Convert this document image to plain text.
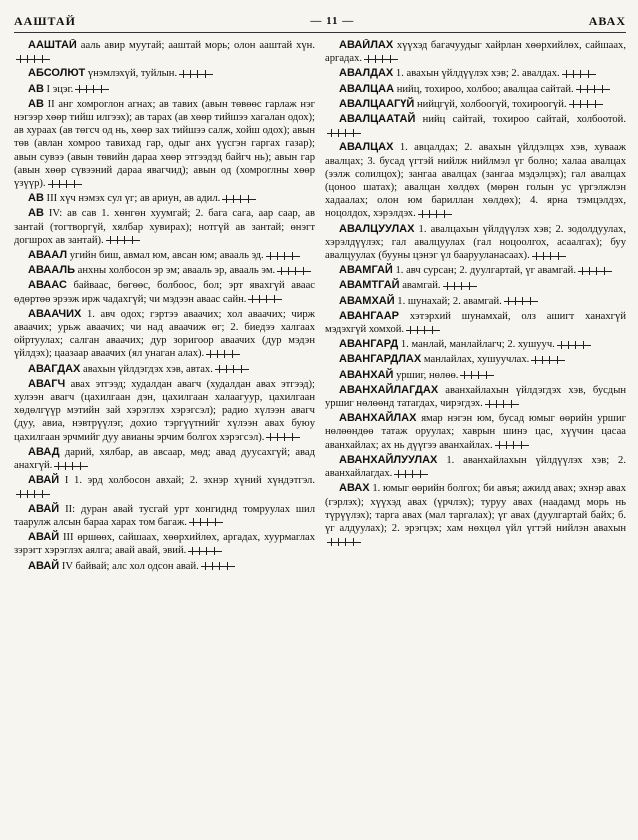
ААШТАЙ	— 11 —	АВАХ

ААШТАЙ ааль авир муутай; ааштай морь; олон ааштай хүн.

АБСОЛЮТ үнэмлэхүй, туйлын.

АВ I эцэг.

АВ II анг хомроглон агнах; ав тавих (авын төвөөс гарлаж нэг нэгээр хөөр тийш илгээх); ав тарах (ав хөөр тийшээ хагалан одох); ав хураах (ав төгсч од нь, хөөр зах тийшээ салж, хойш одох); авын төв (авлан хомроо тавихад гар, одыг анх үүсгэн гаргах газар); авын сувээ (авын төвийн дараа хөөр этгээдэд байгч нь); авын гар (авын хөөр сүвээний дараа явагчид); авын од (хомроглны хөөр үзүүр).

АВ III хүч нэмэх сул үг; ав ариун, ав адил.

АВ IV: ав сав 1. хөнгөн хуумгай; 2. бага сага, аар саар, ав зантай (тогтворгүй, хялбар хувирах); нотгүй ав зантай; өнэгт догшрох ав зантай).

АВААЛ угийн биш, авмал юм, авсан юм; авааль эд.

АВААЛЬ анхны холбосон эр эм; авааль эр, авааль эм.

АВААС байваас, бөгөөс, болбоос, бол; эрт явахгүй аваас өдөртөө эрээж ирж чадахгүй; чи мэдээн аваас сайн.

АВААЧИХ 1. авч одох; гэртээ аваачих; хол аваачих; чирж аваачих; урьж аваачих; чи над аваачиж өг; 2. биедээ халгаах ойртуулах; салган аваачих; дур зоригоор аваачих (дур мэдэн үйлдэх); цаазаар аваачих (ял унаган алах).

АВАГДАХ авахын үйлдэгдэх хэв, автах.

АВАГЧ авах этгээд; худалдан авагч (худалдан авах этгээд); хулээн авагч (цахилгаан дэн, цахилгаан халаагуур, цахилгаан хөдөлгүүр мэтийн зай хэрэглэх хэрэгсэл); радио хүлээн авагч (дуу, авиа, нэвтрүүлэг, дохио тэргүүтнийг хүлээн авах буюу цахилгаан эрчмийг дуу авианы эрчим болгох хэрэгсэл).

АВАД дарий, хялбар, ав авсаар, мөд; авад дуусахгүй; авад анахгүй.

АВАЙ I 1. эрд холбосон авхай; 2. эхнэр хүний хүндэтгэл.

АВАЙ II: дуран авай тусгай урт хонгиднд томруулах шил таарулж алсын бараа харах том багаж.

АВАЙ III өршөөх, сайшаах, хөөрхийлөх, аргадах, хуурмаглах зэрэгт хэрэглэх аялга; авай авай, эвий.

АВАЙ IV байвай; алс хол одсон авай.

АВАЙЛАХ хүүхэд багачуудыг хайрлан хөөрхийлөх, сайшаах, аргадах.

АВАЛДАХ 1. авахын үйлдүүлэх хэв; 2. авалдах.

АВАЛЦАА нийц, тохироо, холбоо; авалцаа сайтай.

АВАЛЦААГҮЙ нийцгүй, холбоогүй, тохироогүй.

АВАЛЦААТАЙ нийц сайтай, тохироо сайтай, холбоотой.

АВАЛЦАХ 1. авцалдах; 2. авахын үйлдэлцэх хэв, хувааж авалцах; 3. бусад үгтэй нийлж нийлмэл үг болно; халаа авалцах (ээлж солилцох); зангаа авалцах (зангаа мэдэлцэх); гал авалцах (цоноо шатах); авалцан хөлдөх (мөрөн голын ус үргэлжлэн хадаалах; олон юм бариллан хөлдөх); 4. ярна тэмцэлдэх, ноцолдох, хэрэлдэх.

АВАЛЦУУЛАХ 1. авалцахын үйлдүүлэх хэв; 2. зодолдуулах, хэрэлдүүлэх; гал авалцуулах (гал ноцоолгох, асаалгах); буу авалцуулах (бууны цэнэг үл баарууланасаах).

АВАМГАЙ 1. авч сурсан; 2. дуулгартай, үг авамгай.

АВАМТГАЙ авамгай.

АВАМХАЙ 1. шунахай; 2. авамгай.

АВАНГААР хэтэрхий шунамхай, олз ашигт ханахгүй мэдэхгүй хомхой.

АВАНГАРД 1. манлай, манлайлагч; 2. хушууч.

АВАНГАРДЛАХ манлайлах, хушуучлах.

АВАНХАЙ уршиг, нөлөө.

АВАНХАЙЛАГДАХ аванхайлахын үйлдэгдэх хэв, бусдын уршиг нөлөөнд татагдах, чирэгдэх.

АВАНХАЙЛАХ ямар нэгэн юм, бусад юмыг өөрийн уршиг нөлөөндөө татаж оруулах; хаврын шинэ цас, хүүчин цасаа аванхайлах; ах нь дүүгээ аванхайлах.

АВАНХАЙЛУУЛАХ 1. аванхайлахын үйлдүүлэх хэв; 2. аванхайлагдах.

АВАХ 1. юмыг өөрийн болгох; би авъя; ажилд авах; эхнэр авах (гэрлэх); хүүхэд авах (үрчлэх); туруу авах (наадамд морь нь түрүүлэх); тарга авах (мал таргалах); үг авах (дуулгартай байх; б. үг алдуулах); 2. эрэгцэх; хам нөхцөл үйл үгтэй нийлэн авахын
